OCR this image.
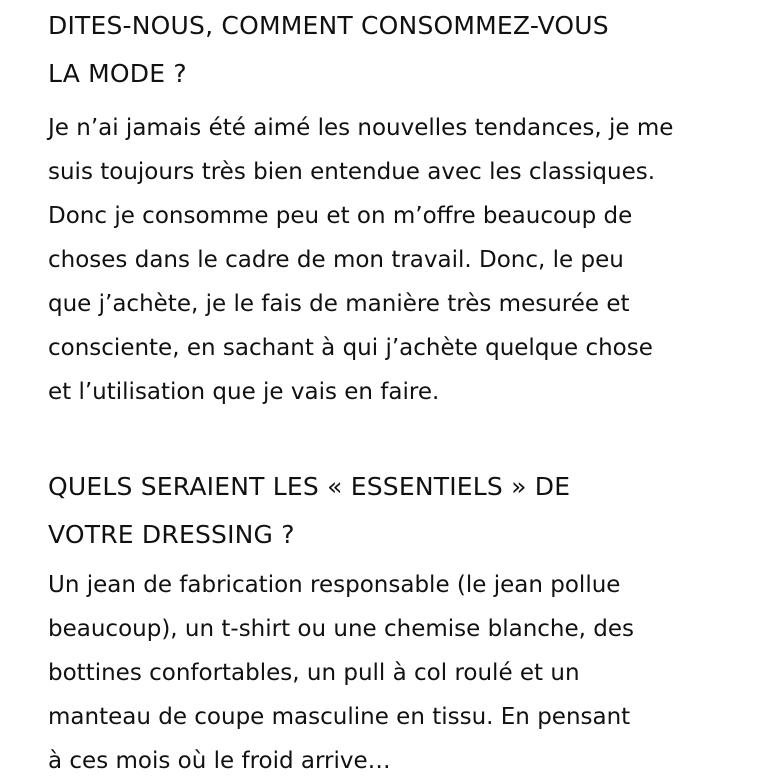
DITES-NOUS, COMMENT CONSOMMEZ-VOUS
LA MODE ?

Je n’ai jamais été aimé les nouvelles tendances, je me
suis toujours très bien entendue avec les classiques.
Donc je consomme peu et on m’offre beaucoup de
choses dans le cadre de mon travail. Donc, le peu
que j’achète, je le fais de manière très mesurée et
consciente, en sachant à qui j’achète quelque chose
et l’utilisation que je vais en faire.

QUELS SERAIENT LES « ESSENTIELS » DE
VOTRE DRESSING ?

Un jean de fabrication responsable (le jean pollue
beaucoup), un t-shirt ou une chemise blanche, des
bottines confortables, un pull à col roulé et un
manteau de coupe masculine en tissu. En pensant
à ces mois où le froid arrive…
